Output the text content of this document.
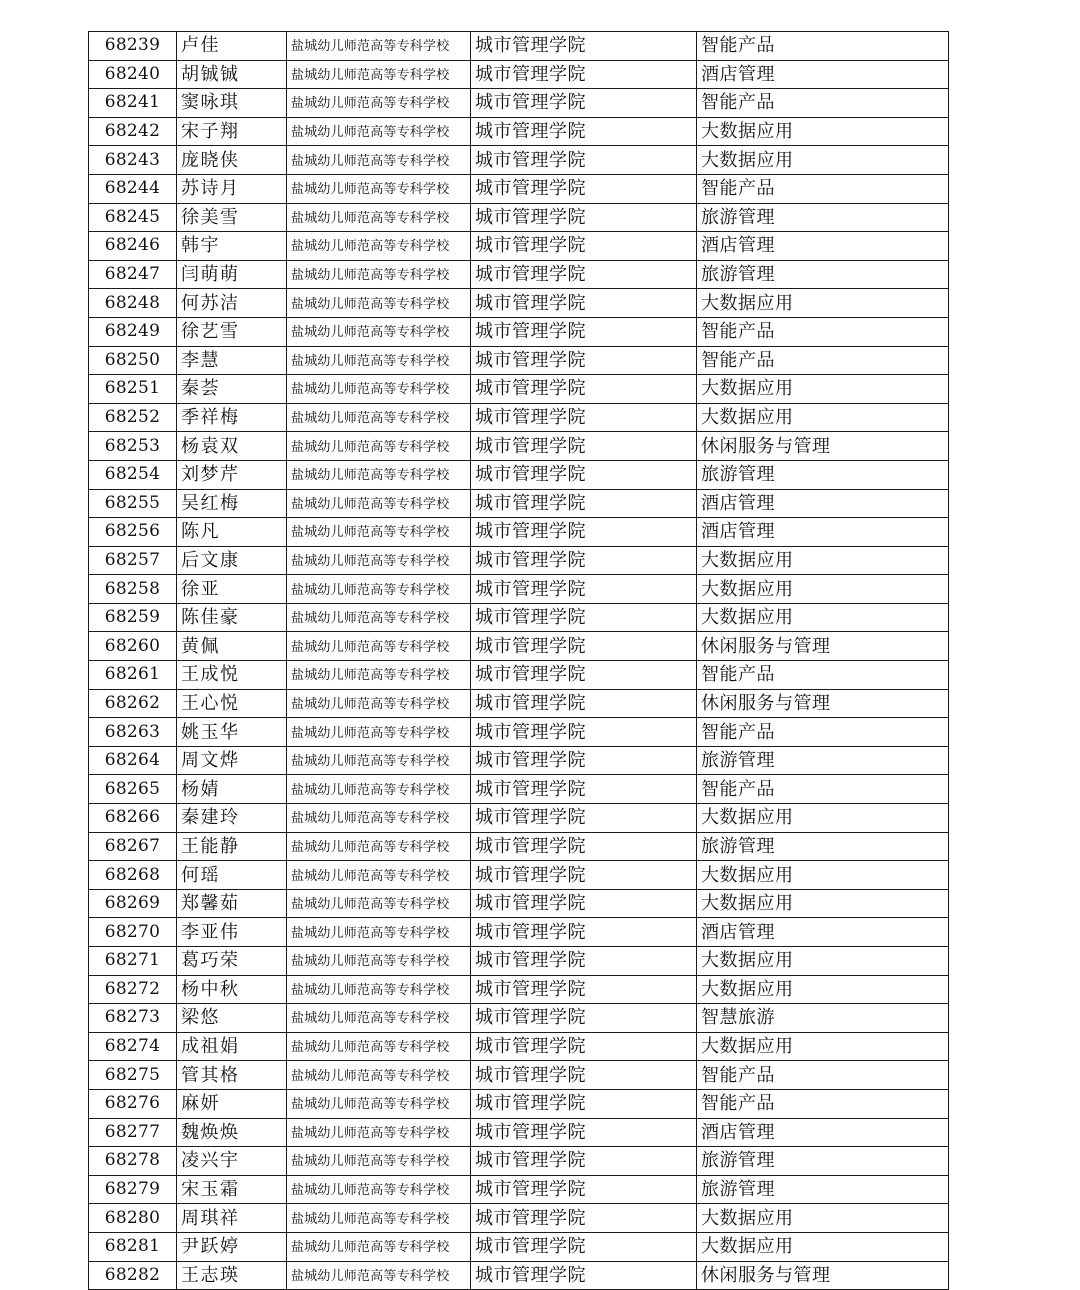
68239	卢佳	盐城幼儿师范高等专科学校	城市管理学院	智能产品
68240	胡铖铖	盐城幼儿师范高等专科学校	城市管理学院	酒店管理
68241	窦咏琪	盐城幼儿师范高等专科学校	城市管理学院	智能产品
68242	宋子翔	盐城幼儿师范高等专科学校	城市管理学院	大数据应用
68243	庞晓侠	盐城幼儿师范高等专科学校	城市管理学院	大数据应用
68244	苏诗月	盐城幼儿师范高等专科学校	城市管理学院	智能产品
68245	徐美雪	盐城幼儿师范高等专科学校	城市管理学院	旅游管理
68246	韩宇	盐城幼儿师范高等专科学校	城市管理学院	酒店管理
68247	闫萌萌	盐城幼儿师范高等专科学校	城市管理学院	旅游管理
68248	何苏洁	盐城幼儿师范高等专科学校	城市管理学院	大数据应用
68249	徐艺雪	盐城幼儿师范高等专科学校	城市管理学院	智能产品
68250	李慧	盐城幼儿师范高等专科学校	城市管理学院	智能产品
68251	秦荟	盐城幼儿师范高等专科学校	城市管理学院	大数据应用
68252	季祥梅	盐城幼儿师范高等专科学校	城市管理学院	大数据应用
68253	杨袁双	盐城幼儿师范高等专科学校	城市管理学院	休闲服务与管理
68254	刘梦芹	盐城幼儿师范高等专科学校	城市管理学院	旅游管理
68255	吴红梅	盐城幼儿师范高等专科学校	城市管理学院	酒店管理
68256	陈凡	盐城幼儿师范高等专科学校	城市管理学院	酒店管理
68257	后文康	盐城幼儿师范高等专科学校	城市管理学院	大数据应用
68258	徐亚	盐城幼儿师范高等专科学校	城市管理学院	大数据应用
68259	陈佳豪	盐城幼儿师范高等专科学校	城市管理学院	大数据应用
68260	黄佩	盐城幼儿师范高等专科学校	城市管理学院	休闲服务与管理
68261	王成悦	盐城幼儿师范高等专科学校	城市管理学院	智能产品
68262	王心悦	盐城幼儿师范高等专科学校	城市管理学院	休闲服务与管理
68263	姚玉华	盐城幼儿师范高等专科学校	城市管理学院	智能产品
68264	周文烨	盐城幼儿师范高等专科学校	城市管理学院	旅游管理
68265	杨婧	盐城幼儿师范高等专科学校	城市管理学院	智能产品
68266	秦建玲	盐城幼儿师范高等专科学校	城市管理学院	大数据应用
68267	王能静	盐城幼儿师范高等专科学校	城市管理学院	旅游管理
68268	何瑶	盐城幼儿师范高等专科学校	城市管理学院	大数据应用
68269	郑馨茹	盐城幼儿师范高等专科学校	城市管理学院	大数据应用
68270	李亚伟	盐城幼儿师范高等专科学校	城市管理学院	酒店管理
68271	葛巧荣	盐城幼儿师范高等专科学校	城市管理学院	大数据应用
68272	杨中秋	盐城幼儿师范高等专科学校	城市管理学院	大数据应用
68273	梁悠	盐城幼儿师范高等专科学校	城市管理学院	智慧旅游
68274	成祖娟	盐城幼儿师范高等专科学校	城市管理学院	大数据应用
68275	管其格	盐城幼儿师范高等专科学校	城市管理学院	智能产品
68276	麻妍	盐城幼儿师范高等专科学校	城市管理学院	智能产品
68277	魏焕焕	盐城幼儿师范高等专科学校	城市管理学院	酒店管理
68278	凌兴宇	盐城幼儿师范高等专科学校	城市管理学院	旅游管理
68279	宋玉霜	盐城幼儿师范高等专科学校	城市管理学院	旅游管理
68280	周琪祥	盐城幼儿师范高等专科学校	城市管理学院	大数据应用
68281	尹跃婷	盐城幼儿师范高等专科学校	城市管理学院	大数据应用
68282	王志瑛	盐城幼儿师范高等专科学校	城市管理学院	休闲服务与管理
